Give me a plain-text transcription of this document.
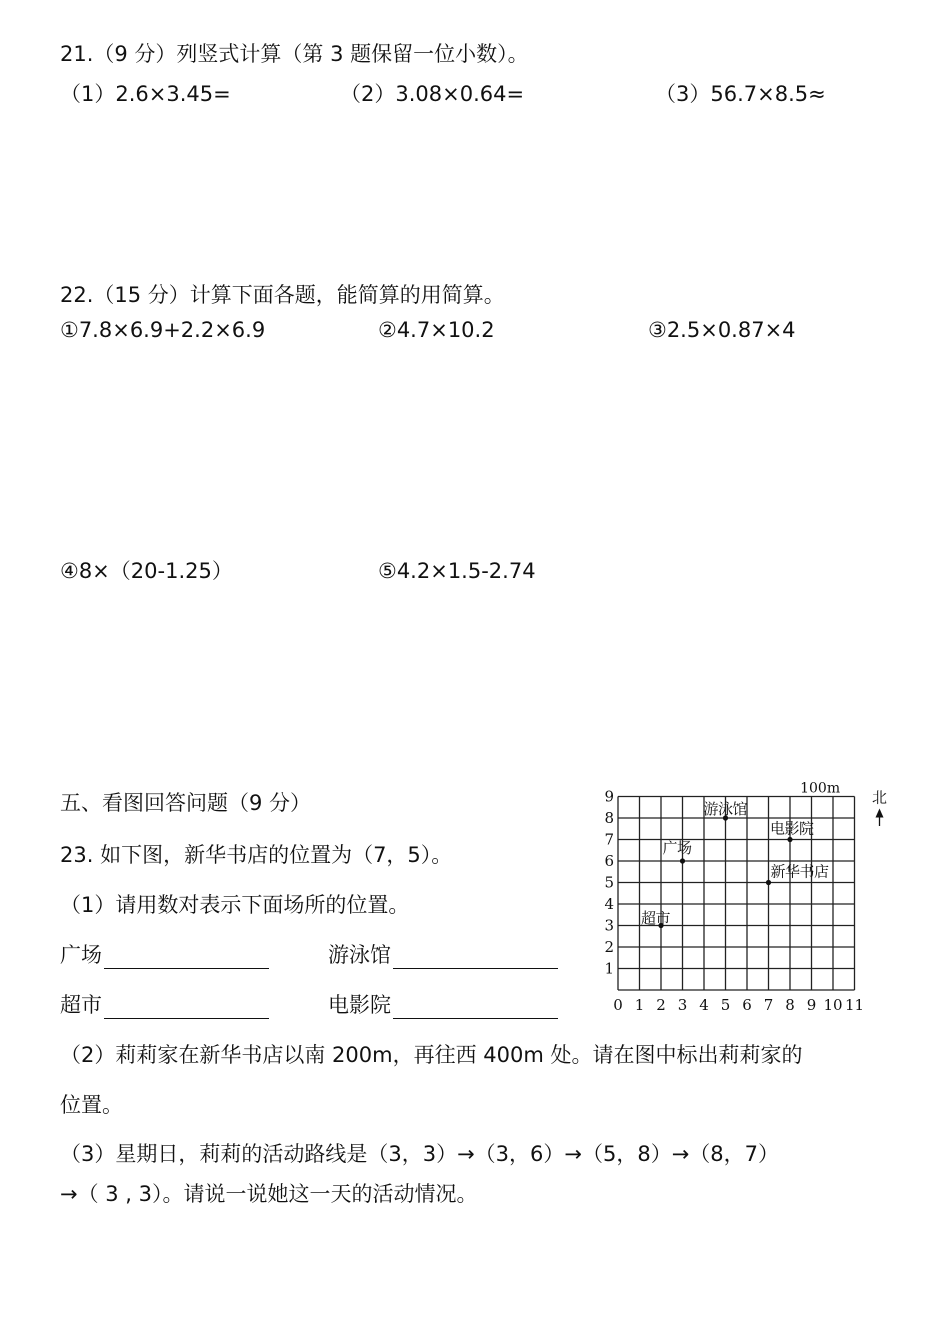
21.（9 分）列竖式计算（第 3 题保留一位小数）。
（1）2.6×3.45=	（2）3.08×0.64=	（3）56.7×8.5≈
22.（15 分）计算下面各题，能简算的用简算。
①7.8×6.9+2.2×6.9	②4.7×10.2	③2.5×0.87×4
④8×（20-1.25）	⑤4.2×1.5-2.74
五、看图回答问题（9 分）
23. 如下图，新华书店的位置为（7，5）。
（1）请用数对表示下面场所的位置。
广场	游泳馆
超市	电影院
（2）莉莉家在新华书店以南 200m，再往西 400m 处。请在图中标出莉莉家的
位置。
（3）星期日，莉莉的活动路线是（3，3）→（3，6）→（5，8）→（8，7）
→（ 3 , 3）。请说一说她这一天的活动情况。
0 1 2 3 4 5 6 7 8 9 10 11
1
2
3
4
5
6
7
8
9	100m 北
游泳馆
电影院
广场
新华书店
超市
